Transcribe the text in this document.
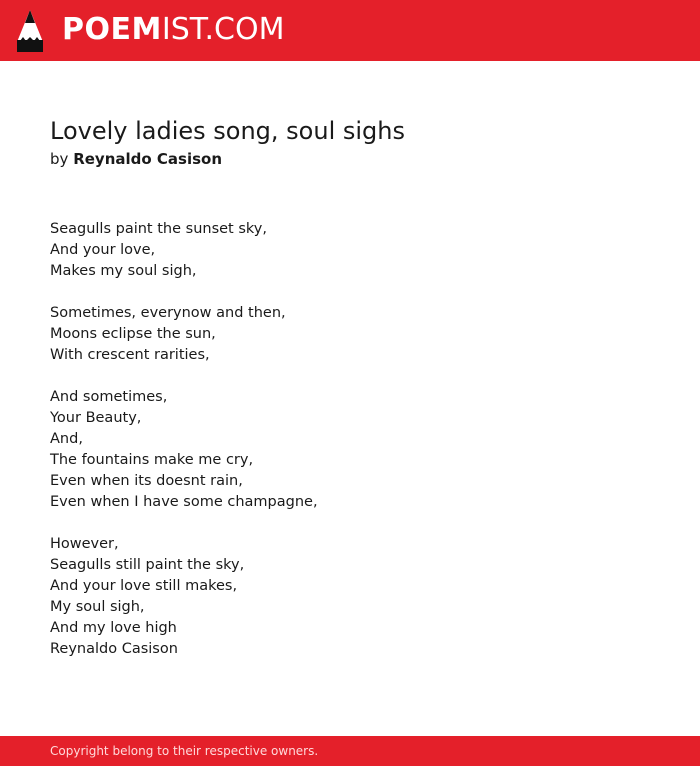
POEMIST.COM
Lovely ladies song, soul sighs
by Reynaldo Casison

Seagulls paint the sunset sky,
And your love,
Makes my soul sigh,

Sometimes, everynow and then,
Moons eclipse the sun,
With crescent rarities,

And sometimes,
Your Beauty,
And,
The fountains make me cry,
Even when its doesnt rain,
Even when I have some champagne,

However,
Seagulls still paint the sky,
And your love still makes,
My soul sigh,
And my love high
Reynaldo Casison

Copyright belong to their respective owners.
